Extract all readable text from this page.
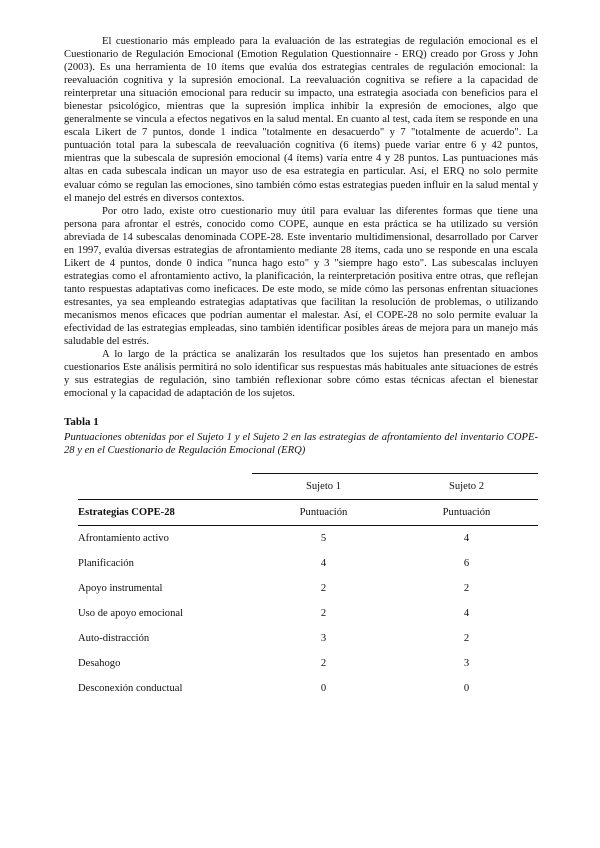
El cuestionario más empleado para la evaluación de las estrategias de regulación emocional es el Cuestionario de Regulación Emocional (Emotion Regulation Questionnaire - ERQ) creado por Gross y John (2003). Es una herramienta de 10 ítems que evalúa dos estrategias centrales de regulación emocional: la reevaluación cognitiva y la supresión emocional. La reevaluación cognitiva se refiere a la capacidad de reinterpretar una situación emocional para reducir su impacto, una estrategia asociada con beneficios para el bienestar psicológico, mientras que la supresión implica inhibir la expresión de emociones, algo que generalmente se vincula a efectos negativos en la salud mental. En cuanto al test, cada ítem se responde en una escala Likert de 7 puntos, donde 1 indica "totalmente en desacuerdo" y 7 "totalmente de acuerdo". La puntuación total para la subescala de reevaluación cognitiva (6 ítems) puede variar entre 6 y 42 puntos, mientras que la subescala de supresión emocional (4 ítems) varía entre 4 y 28 puntos. Las puntuaciones más altas en cada subescala indican un mayor uso de esa estrategia en particular. Así, el ERQ no solo permite evaluar cómo se regulan las emociones, sino también cómo estas estrategias pueden influir en la salud mental y el manejo del estrés en diversos contextos.

Por otro lado, existe otro cuestionario muy útil para evaluar las diferentes formas que tiene una persona para afrontar el estrés, conocido como COPE, aunque en esta práctica se ha utilizado su versión abreviada de 14 subescalas denominada COPE-28. Este inventario multidimensional, desarrollado por Carver en 1997, evalúa diversas estrategias de afrontamiento mediante 28 ítems, cada uno se responde en una escala Likert de 4 puntos, donde 0 indica "nunca hago esto" y 3 "siempre hago esto". Las subescalas incluyen estrategias como el afrontamiento activo, la planificación, la reinterpretación positiva entre otras, que reflejan tanto respuestas adaptativas como ineficaces. De este modo, se mide cómo las personas enfrentan situaciones estresantes, ya sea empleando estrategias adaptativas que facilitan la resolución de problemas, o utilizando mecanismos menos eficaces que podrían aumentar el malestar. Así, el COPE-28 no solo permite evaluar la efectividad de las estrategias empleadas, sino también identificar posibles áreas de mejora para un manejo más saludable del estrés.

A lo largo de la práctica se analizarán los resultados que los sujetos han presentado en ambos cuestionarios Este análisis permitirá no solo identificar sus respuestas más habituales ante situaciones de estrés y sus estrategias de regulación, sino también reflexionar sobre cómo estas técnicas afectan el bienestar emocional y la capacidad de adaptación de los sujetos.

Tabla 1
Puntuaciones obtenidas por el Sujeto 1 y el Sujeto 2 en las estrategias de afrontamiento del inventario COPE-28 y en el Cuestionario de Regulación Emocional (ERQ)
	Sujeto 1	Sujeto 2
Estrategias COPE-28	Puntuación	Puntuación
Afrontamiento activo	5	4
Planificación	4	6
Apoyo instrumental	2	2
Uso de apoyo emocional	2	4
Auto-distracción	3	2
Desahogo	2	3
Desconexión conductual	0	0
